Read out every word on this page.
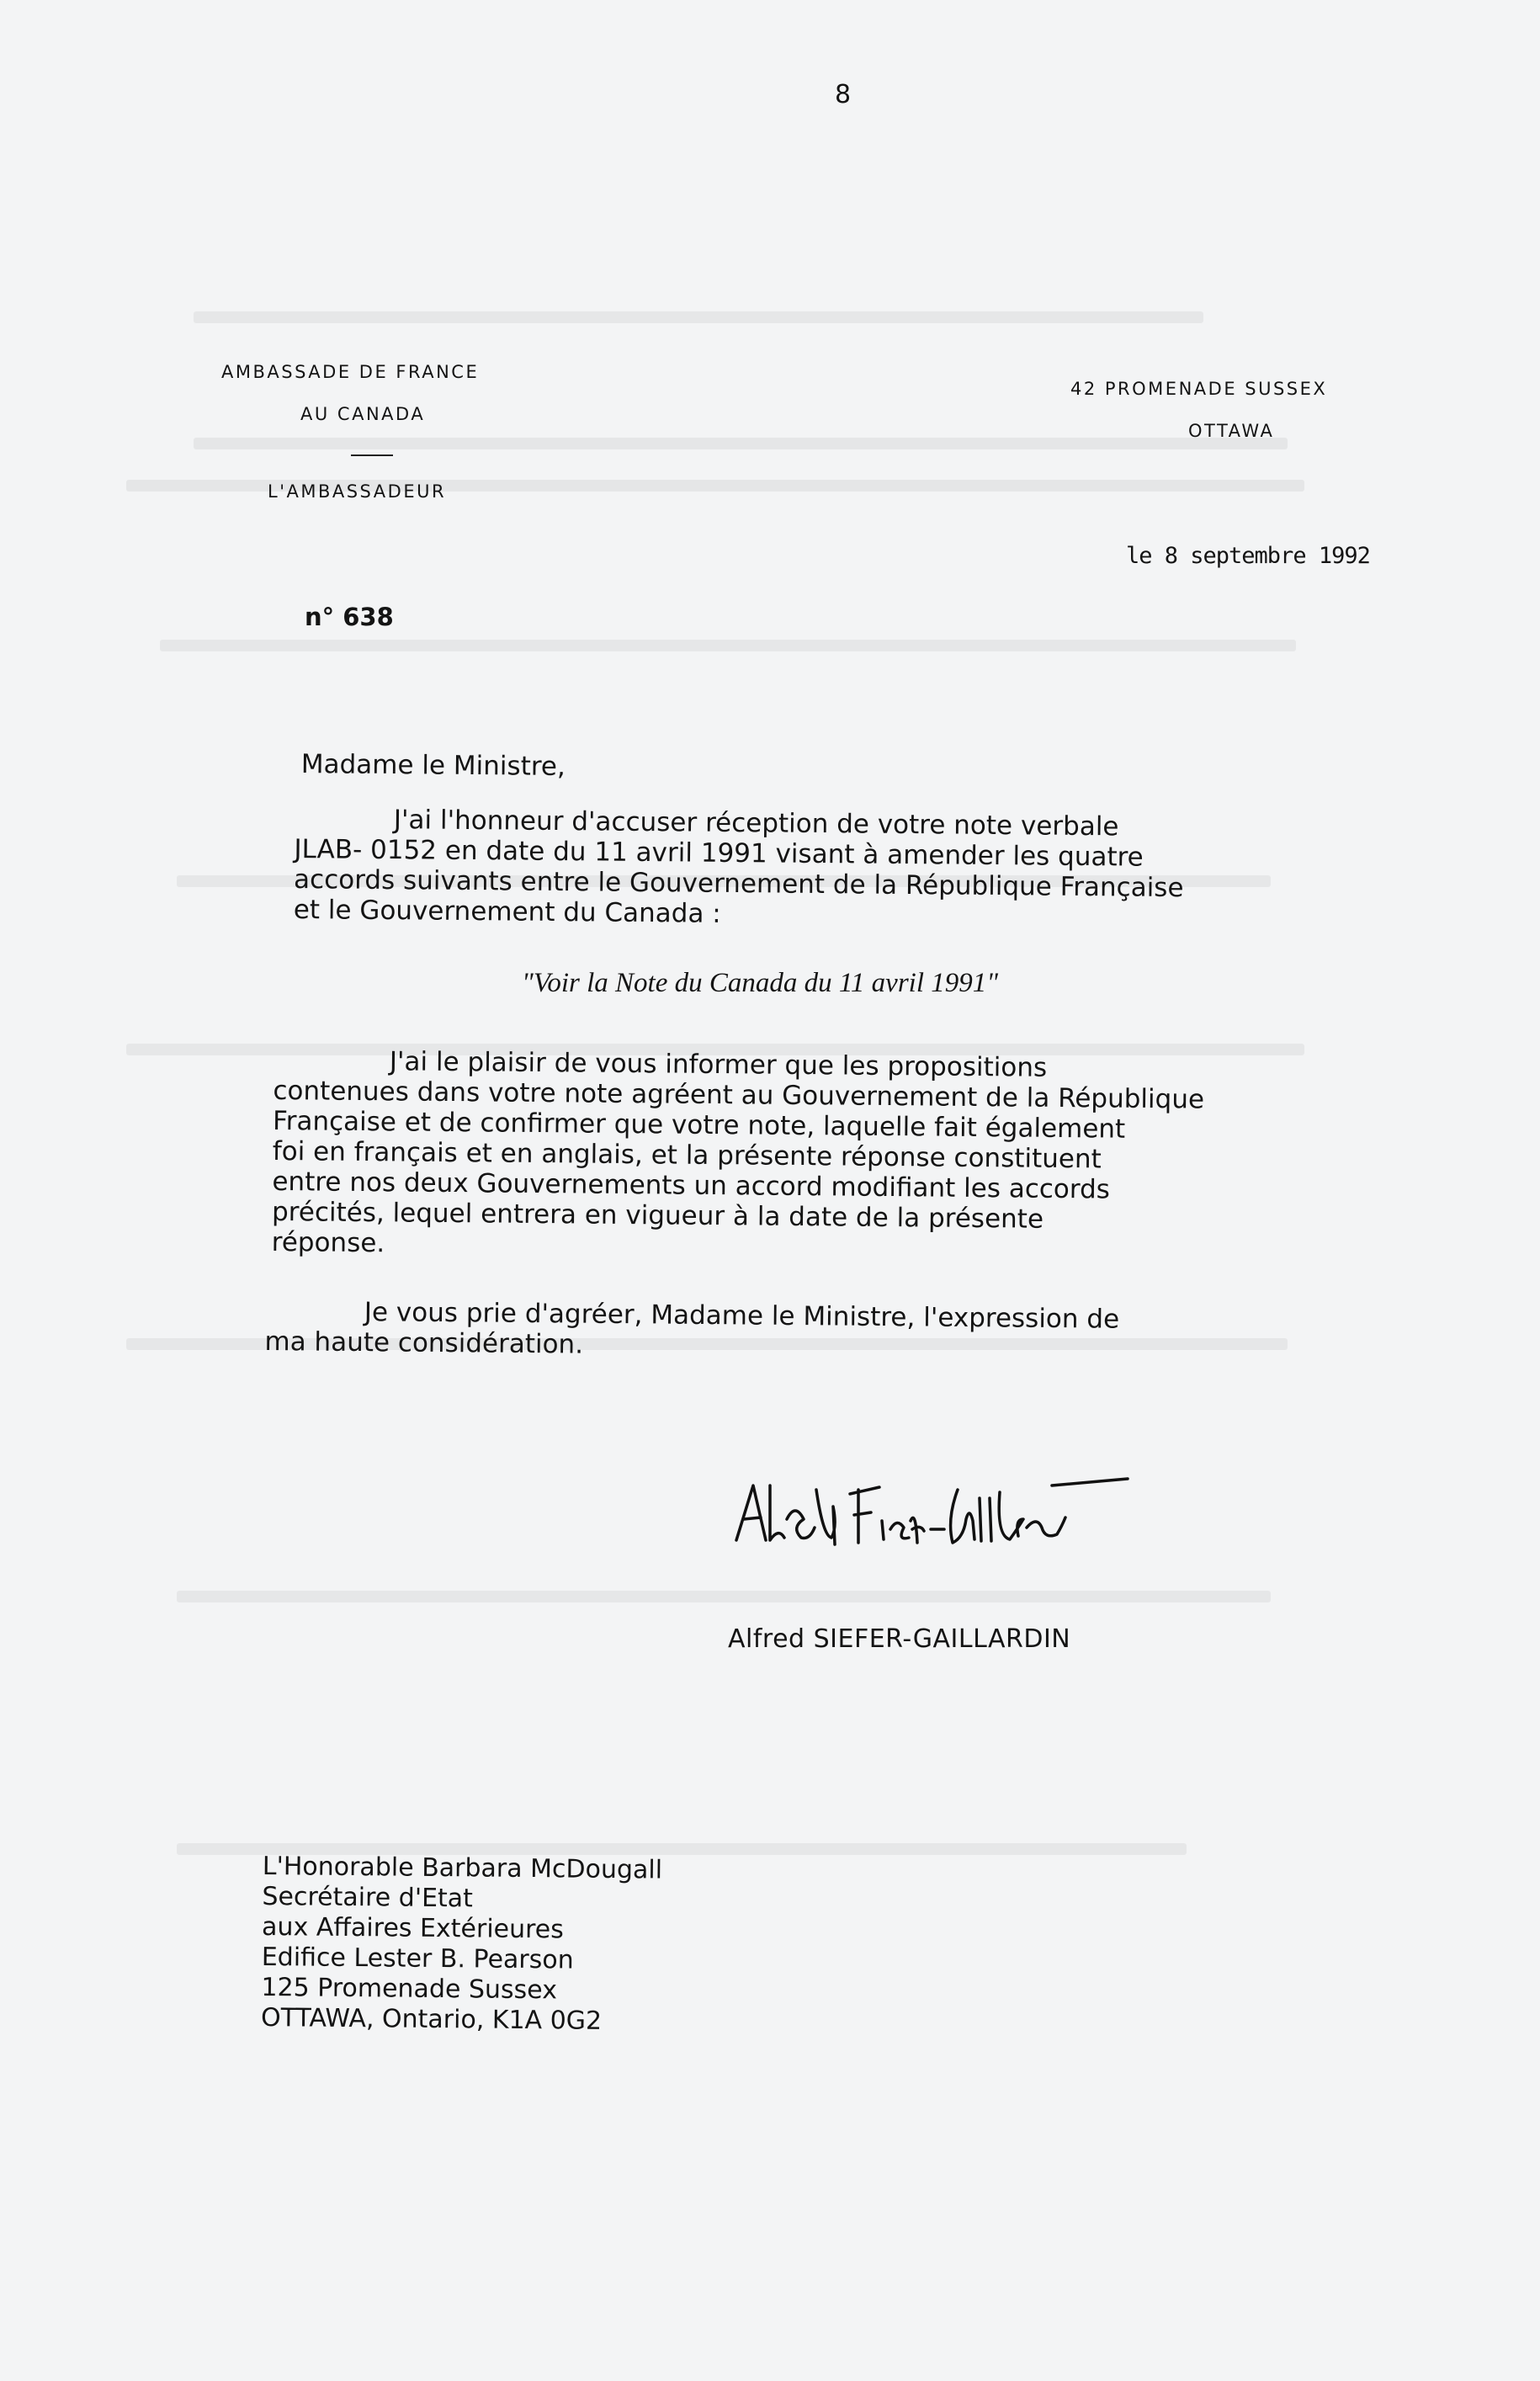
8
AMBASSADE DE FRANCE
AU CANADA
L'AMBASSADEUR
42 PROMENADE SUSSEX
OTTAWA
le 8 septembre 1992
n° 638
Madame le Ministre,
J'ai l'honneur d'accuser réception de votre note verbale
JLAB- 0152 en date du 11 avril 1991 visant à amender les quatre
accords suivants entre le Gouvernement de la République Française
et le Gouvernement du Canada :
"Voir la Note du Canada du 11 avril 1991"
J'ai le plaisir de vous informer que les propositions
contenues dans votre note agréent au Gouvernement de la République
Française et de confirmer que votre note, laquelle fait également
foi en français et en anglais, et la présente réponse constituent
entre nos deux Gouvernements un accord modifiant les accords
précités, lequel entrera en vigueur à la date de la présente
réponse.
Je vous prie d'agréer, Madame le Ministre, l'expression de
ma haute considération.
Alfred SIEFER-GAILLARDIN
L'Honorable Barbara McDougall
Secrétaire d'Etat
aux Affaires Extérieures
Edifice Lester B. Pearson
125 Promenade Sussex
OTTAWA, Ontario, K1A 0G2
